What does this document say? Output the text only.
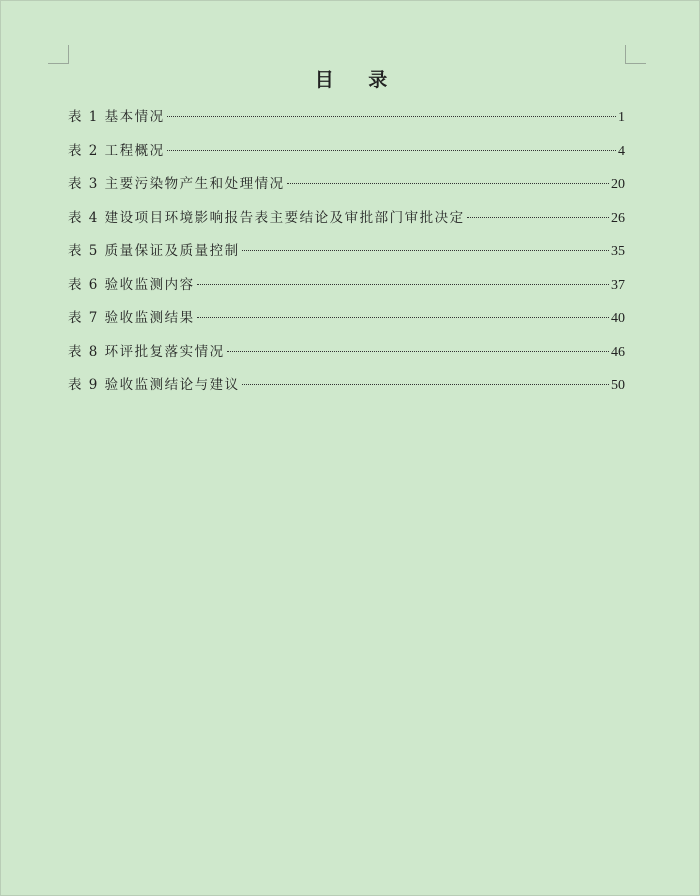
目 录
表 1 基本情况	1
表 2 工程概况	4
表 3 主要污染物产生和处理情况	20
表 4 建设项目环境影响报告表主要结论及审批部门审批决定	26
表 5 质量保证及质量控制	35
表 6 验收监测内容	37
表 7 验收监测结果	40
表 8 环评批复落实情况	46
表 9 验收监测结论与建议	50
